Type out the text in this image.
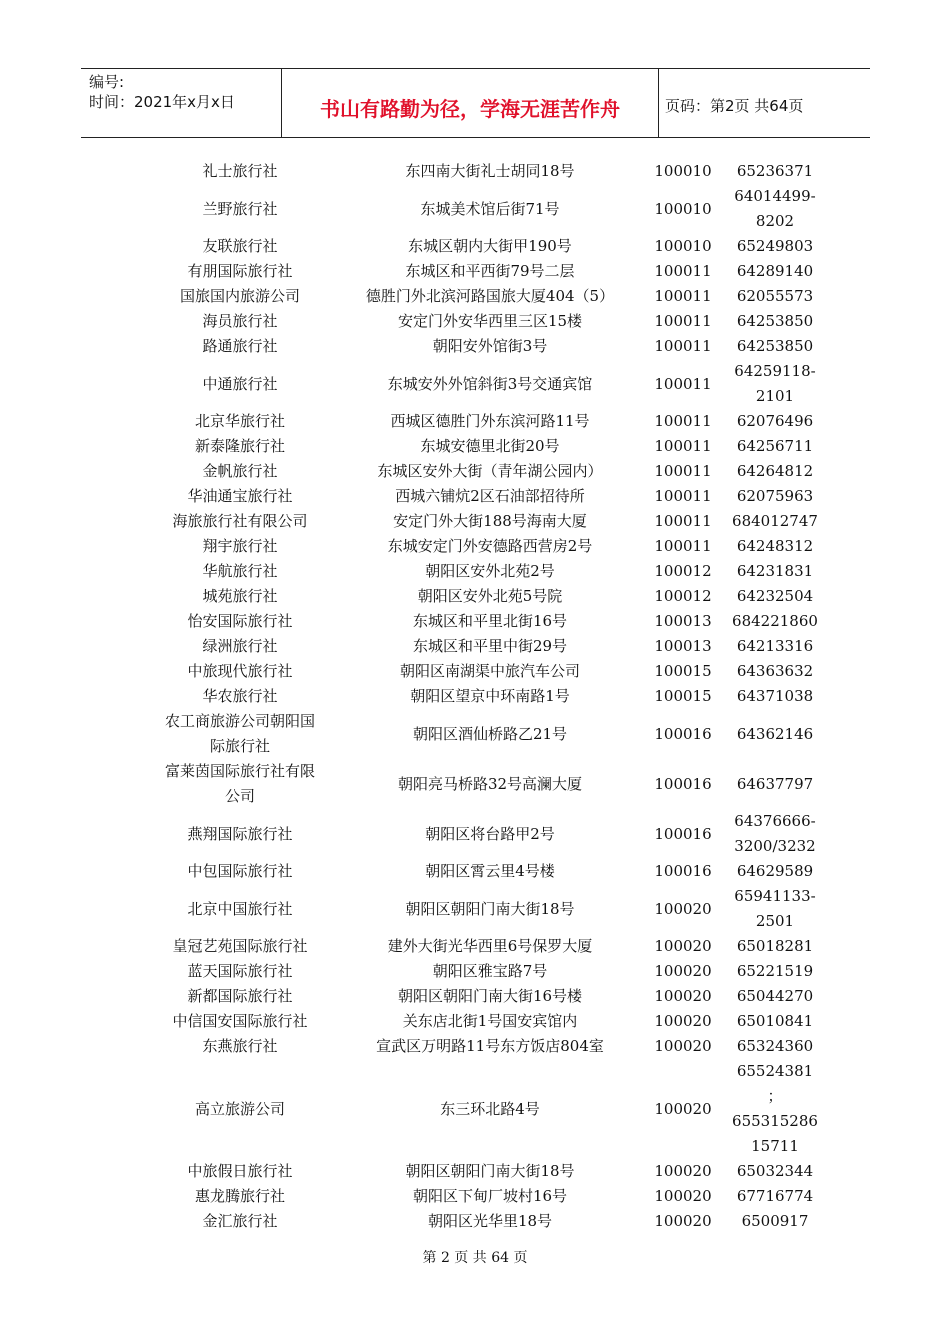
编号:
时间：2021年x月x日	书山有路勤为径，学海无涯苦作舟	页码：第2页 共64页
礼士旅行社	东四南大街礼士胡同18号	100010	65236371
兰野旅行社	东城美术馆后街71号	100010
64014499-
8202
友联旅行社	东城区朝内大街甲190号	100010	65249803
有朋国际旅行社	东城区和平西街79号二层	100011	64289140
国旅国内旅游公司	德胜门外北滨河路国旅大厦404（5）	100011	62055573
海员旅行社	安定门外安华西里三区15楼	100011	64253850
路通旅行社	朝阳安外馆街3号	100011	64253850
中通旅行社	东城安外外馆斜街3号交通宾馆	100011
64259118-
2101
北京华旅行社	西城区德胜门外东滨河路11号	100011	62076496
新泰隆旅行社	东城安德里北街20号	100011	64256711
金帆旅行社	东城区安外大街（青年湖公园内）	100011	64264812
华油通宝旅行社	西城六铺炕2区石油部招待所	100011	62075963
海旅旅行社有限公司	安定门外大街188号海南大厦	100011	684012747
翔宇旅行社	东城安定门外安德路西营房2号	100011	64248312
华航旅行社	朝阳区安外北苑2号	100012	64231831
城苑旅行社	朝阳区安外北苑5号院	100012	64232504
怡安国际旅行社	东城区和平里北街16号	100013	684221860
绿洲旅行社	东城区和平里中街29号	100013	64213316
中旅现代旅行社	朝阳区南湖渠中旅汽车公司	100015	64363632
华农旅行社	朝阳区望京中环南路1号	100015	64371038
农工商旅游公司朝阳国
际旅行社
朝阳区酒仙桥路乙21号	100016	64362146
富莱茵国际旅行社有限
公司
朝阳亮马桥路32号高澜大厦	100016	64637797
燕翔国际旅行社	朝阳区将台路甲2号	100016
64376666-
3200/3232
中包国际旅行社	朝阳区霄云里4号楼	100016	64629589
北京中国旅行社	朝阳区朝阳门南大街18号	100020
65941133-
2501
皇冠艺苑国际旅行社	建外大街光华西里6号保罗大厦	100020	65018281
蓝天国际旅行社	朝阳区雅宝路7号	100020	65221519
新都国际旅行社	朝阳区朝阳门南大街16号楼	100020	65044270
中信国安国际旅行社	关东店北街1号国安宾馆内	100020	65010841
东燕旅行社	宣武区万明路11号东方饭店804室	100020	65324360
高立旅游公司	东三环北路4号	100020
65524381
；
655315286
15711
中旅假日旅行社	朝阳区朝阳门南大街18号	100020	65032344
惠龙腾旅行社	朝阳区下甸厂坡村16号	100020	67716774
金汇旅行社	朝阳区光华里18号	100020	6500917
第 2 页 共 64 页
